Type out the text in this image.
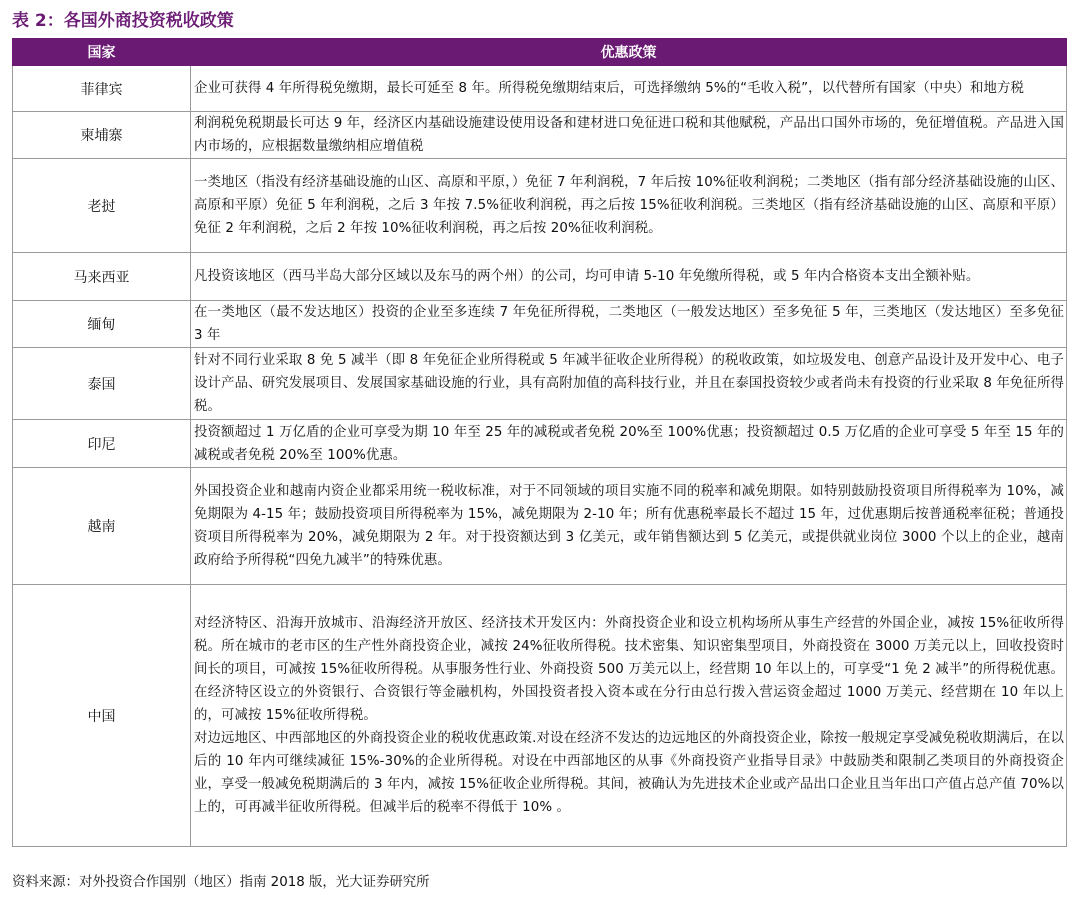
表 2：各国外商投资税收政策
国家	优惠政策
菲律宾	企业可获得 4 年所得税免缴期，最长可延至 8 年。所得税免缴期结束后，可选择缴纳 5%的“毛收入税”，以代替所有国家（中央）和地方税

柬埔寨	利润税免税期最长可达 9 年，经济区内基础设施建设使用设备和建材进口免征进口税和其他赋税，产品出口国外市场的，免征增值税。产品进入国内市场的，应根据数量缴纳相应增值税

老挝	一类地区（指没有经济基础设施的山区、高原和平原，）免征 7 年利润税，7 年后按 10%征收利润税；二类地区（指有部分经济基础设施的山区、高原和平原）免征 5 年利润税，之后 3 年按 7.5%征收利润税，再之后按 15%征收利润税。三类地区（指有经济基础设施的山区、高原和平原）免征 2 年利润税，之后 2 年按 10%征收利润税，再之后按 20%征收利润税。

马来西亚	凡投资该地区（西马半岛大部分区域以及东马的两个州）的公司，均可申请 5-10 年免缴所得税，或 5 年内合格资本支出全额补贴。

缅甸	在一类地区（最不发达地区）投资的企业至多连续 7 年免征所得税，二类地区（一般发达地区）至多免征 5 年，三类地区（发达地区）至多免征 3 年

泰国	针对不同行业采取 8 免 5 减半（即 8 年免征企业所得税或 5 年减半征收企业所得税）的税收政策，如垃圾发电、创意产品设计及开发中心、电子设计产品、研究发展项目、发展国家基础设施的行业，具有高附加值的高科技行业，并且在泰国投资较少或者尚未有投资的行业采取 8 年免征所得税。

印尼	投资额超过 1 万亿盾的企业可享受为期 10 年至 25 年的减税或者免税 20%至 100%优惠；投资额超过 0.5 万亿盾的企业可享受 5 年至 15 年的减税或者免税 20%至 100%优惠。

越南	外国投资企业和越南内资企业都采用统一税收标准，对于不同领域的项目实施不同的税率和减免期限。如特别鼓励投资项目所得税率为 10%，减免期限为 4-15 年；鼓励投资项目所得税率为 15%，减免期限为 2-10 年；所有优惠税率最长不超过 15 年，过优惠期后按普通税率征税；普通投资项目所得税率为 20%，减免期限为 2 年。对于投资额达到 3 亿美元，或年销售额达到 5 亿美元，或提供就业岗位 3000 个以上的企业，越南政府给予所得税“四免九减半”的特殊优惠。

中国	对经济特区、沿海开放城市、沿海经济开放区、经济技术开发区内：外商投资企业和设立机构场所从事生产经营的外国企业，减按 15%征收所得税。所在城市的老市区的生产性外商投资企业，减按 24%征收所得税。技术密集、知识密集型项目，外商投资在 3000 万美元以上，回收投资时间长的项目，可减按 15%征收所得税。从事服务性行业、外商投资 500 万美元以上，经营期 10 年以上的，可享受“1 免 2 减半”的所得税优惠。在经济特区设立的外资银行、合资银行等金融机构，外国投资者投入资本或在分行由总行拨入营运资金超过 1000 万美元、经营期在 10 年以上的，可减按 15%征收所得税。

对边远地区、中西部地区的外商投资企业的税收优惠政策.对设在经济不发达的边远地区的外商投资企业，除按一般规定享受减免税收期满后，在以后的 10 年内可继续减征 15%-30%的企业所得税。对设在中西部地区的从事《外商投资产业指导目录》中鼓励类和限制乙类项目的外商投资企业，享受一般减免税期满后的 3 年内，减按 15%征收企业所得税。其间，被确认为先进技术企业或产品出口企业且当年出口产值占总产值 70%以上的，可再减半征收所得税。但减半后的税率不得低于 10% 。

资料来源：对外投资合作国别（地区）指南 2018 版，光大证券研究所
